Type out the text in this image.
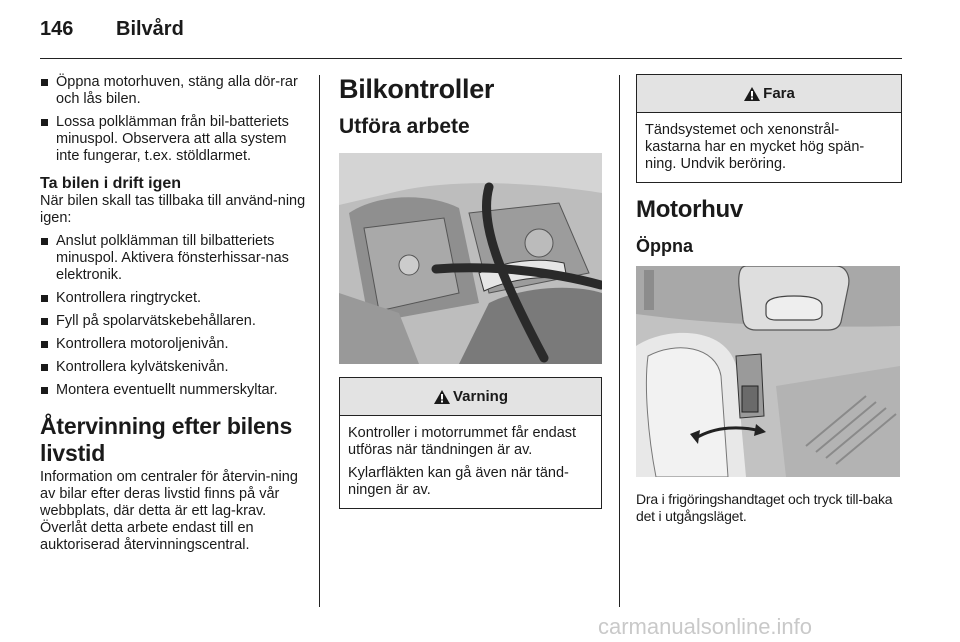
146 Bilvård
Öppna motorhuven, stäng alla dör-rar och lås bilen.
Lossa polklämman från bil-batteriets minuspol. Observera att alla system inte fungerar, t.ex. stöldlarmet.
Ta bilen i drift igen

När bilen skall tas tillbaka till använd-ning igen:

Anslut polklämman till bilbatteriets minuspol. Aktivera fönsterhissar-nas elektronik.
Kontrollera ringtrycket.
Fyll på spolarvätskebehållaren.
Kontrollera motoroljenivån.
Kontrollera kylvätskenivån.
Montera eventuellt nummerskyltar.
Återvinning efter bilens livstid

Information om centraler för återvin-ning av bilar efter deras livstid finns på vår webbplats, där detta är ett lag-krav. Överlåt detta arbete endast till en auktoriserad återvinningscentral.

Bilkontroller
Utföra arbete
Varning

Kontroller i motorrummet får endast utföras när tändningen är av.

Kylarfläkten kan gå även när tänd-ningen är av.

Fara

Tändsystemet och xenonstrål-kastarna har en mycket hög spän-ning. Undvik beröring.

Motorhuv
Öppna

Dra i frigöringshandtaget och tryck till-baka det i utgångsläget.

carmanualsonline.info
